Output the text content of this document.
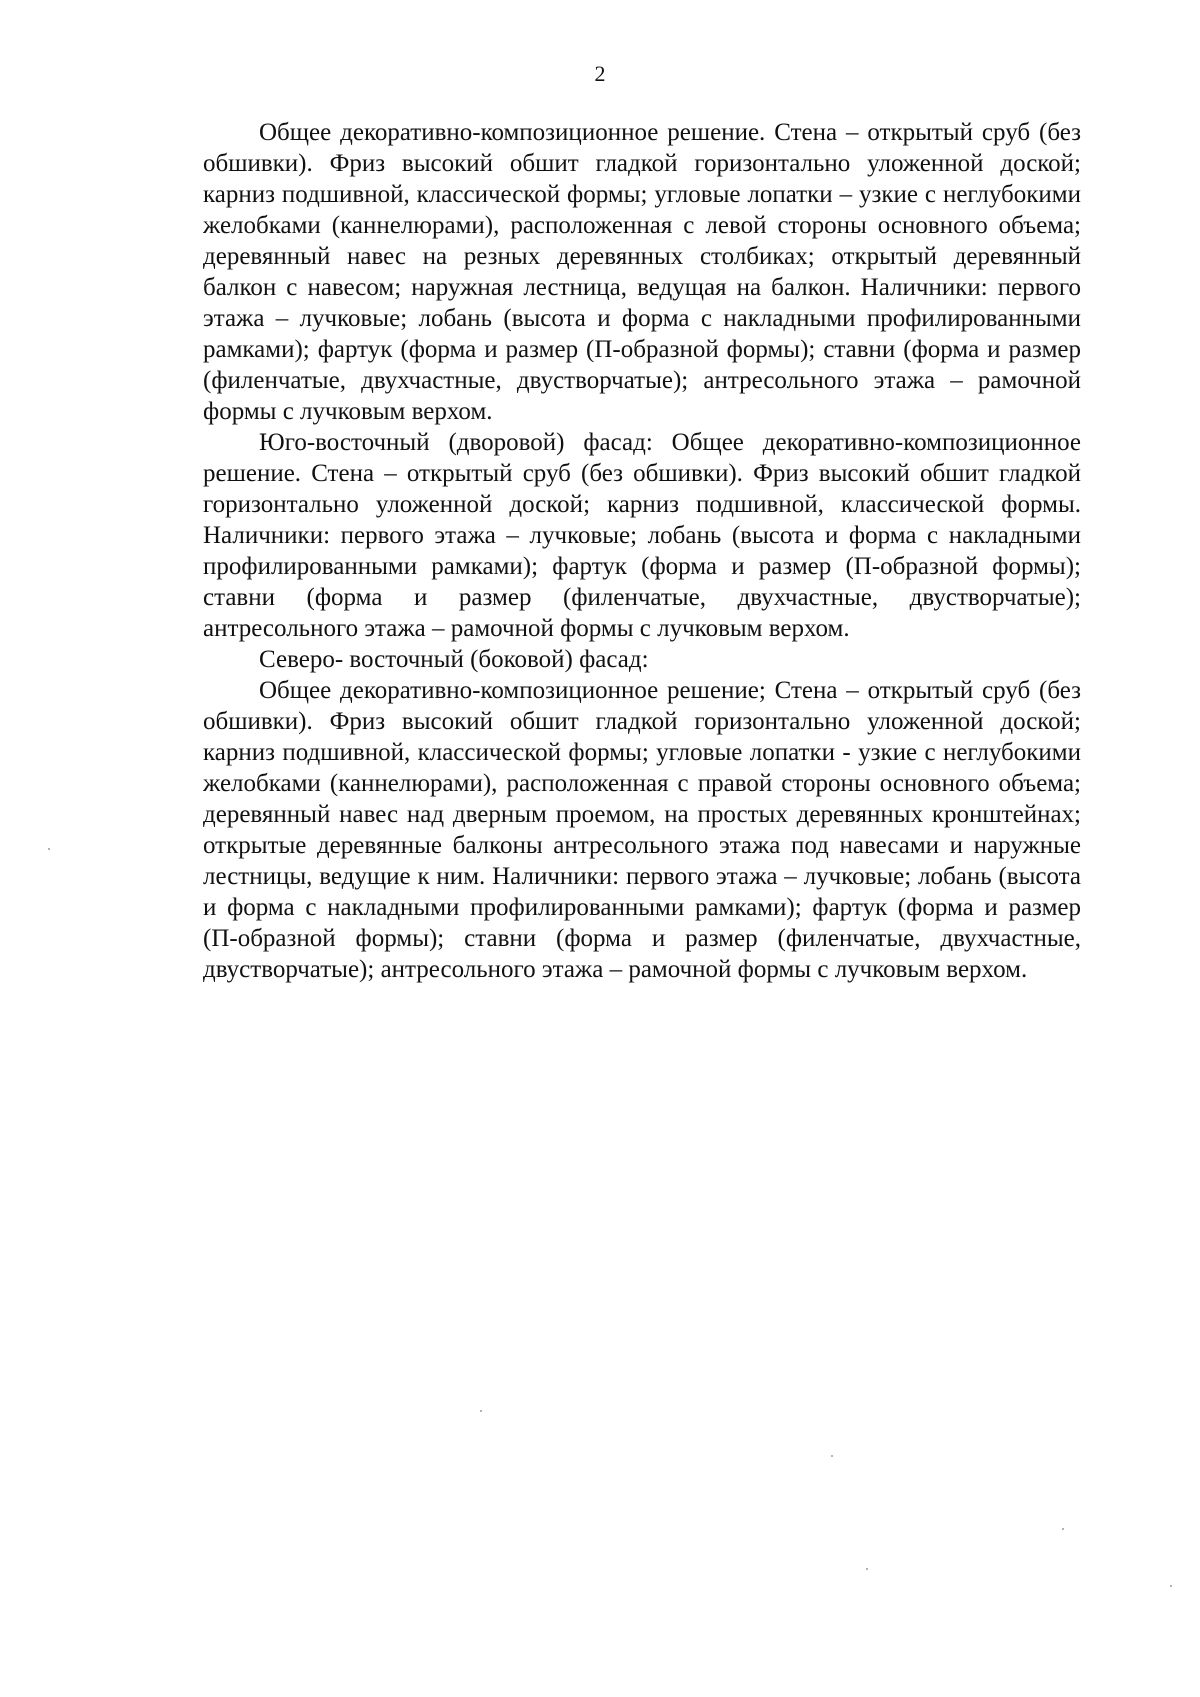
2

Общее декоративно-композиционное решение. Стена – открытый сруб (без обшивки). Фриз высокий обшит гладкой горизонтально уложенной доской; карниз подшивной, классической формы; угловые лопатки – узкие с неглубокими желобками (каннелюрами), расположенная с левой стороны основного объема; деревянный навес на резных деревянных столбиках; открытый деревянный балкон с навесом; наружная лестница, ведущая на балкон. Наличники: первого этажа – лучковые; лобань (высота и форма с накладными профилированными рамками); фартук (форма и размер (П-образной формы); ставни (форма и размер (филенчатые, двухчастные, двустворчатые); антресольного этажа – рамочной формы с лучковым верхом.

Юго-восточный (дворовой) фасад: Общее декоративно-композиционное решение. Стена – открытый сруб (без обшивки). Фриз высокий обшит гладкой горизонтально уложенной доской; карниз подшивной, классической формы. Наличники: первого этажа – лучковые; лобань (высота и форма с накладными профилированными рамками); фартук (форма и размер (П-образной формы); ставни (форма и размер (филенчатые, двухчастные, двустворчатые); антресольного этажа – рамочной формы с лучковым верхом.

Северо- восточный (боковой) фасад:

Общее декоративно-композиционное решение; Стена – открытый сруб (без обшивки). Фриз высокий обшит гладкой горизонтально уложенной доской; карниз подшивной, классической формы; угловые лопатки - узкие с неглубокими желобками (каннелюрами), расположенная с правой стороны основного объема; деревянный навес над дверным проемом, на простых деревянных кронштейнах; открытые деревянные балконы антресольного этажа под навесами и наружные лестницы, ведущие к ним. Наличники: первого этажа – лучковые; лобань (высота и форма с накладными профилированными рамками); фартук (форма и размер (П-образной формы); ставни (форма и размер (филенчатые, двухчастные, двустворчатые); антресольного этажа – рамочной формы с лучковым верхом.
